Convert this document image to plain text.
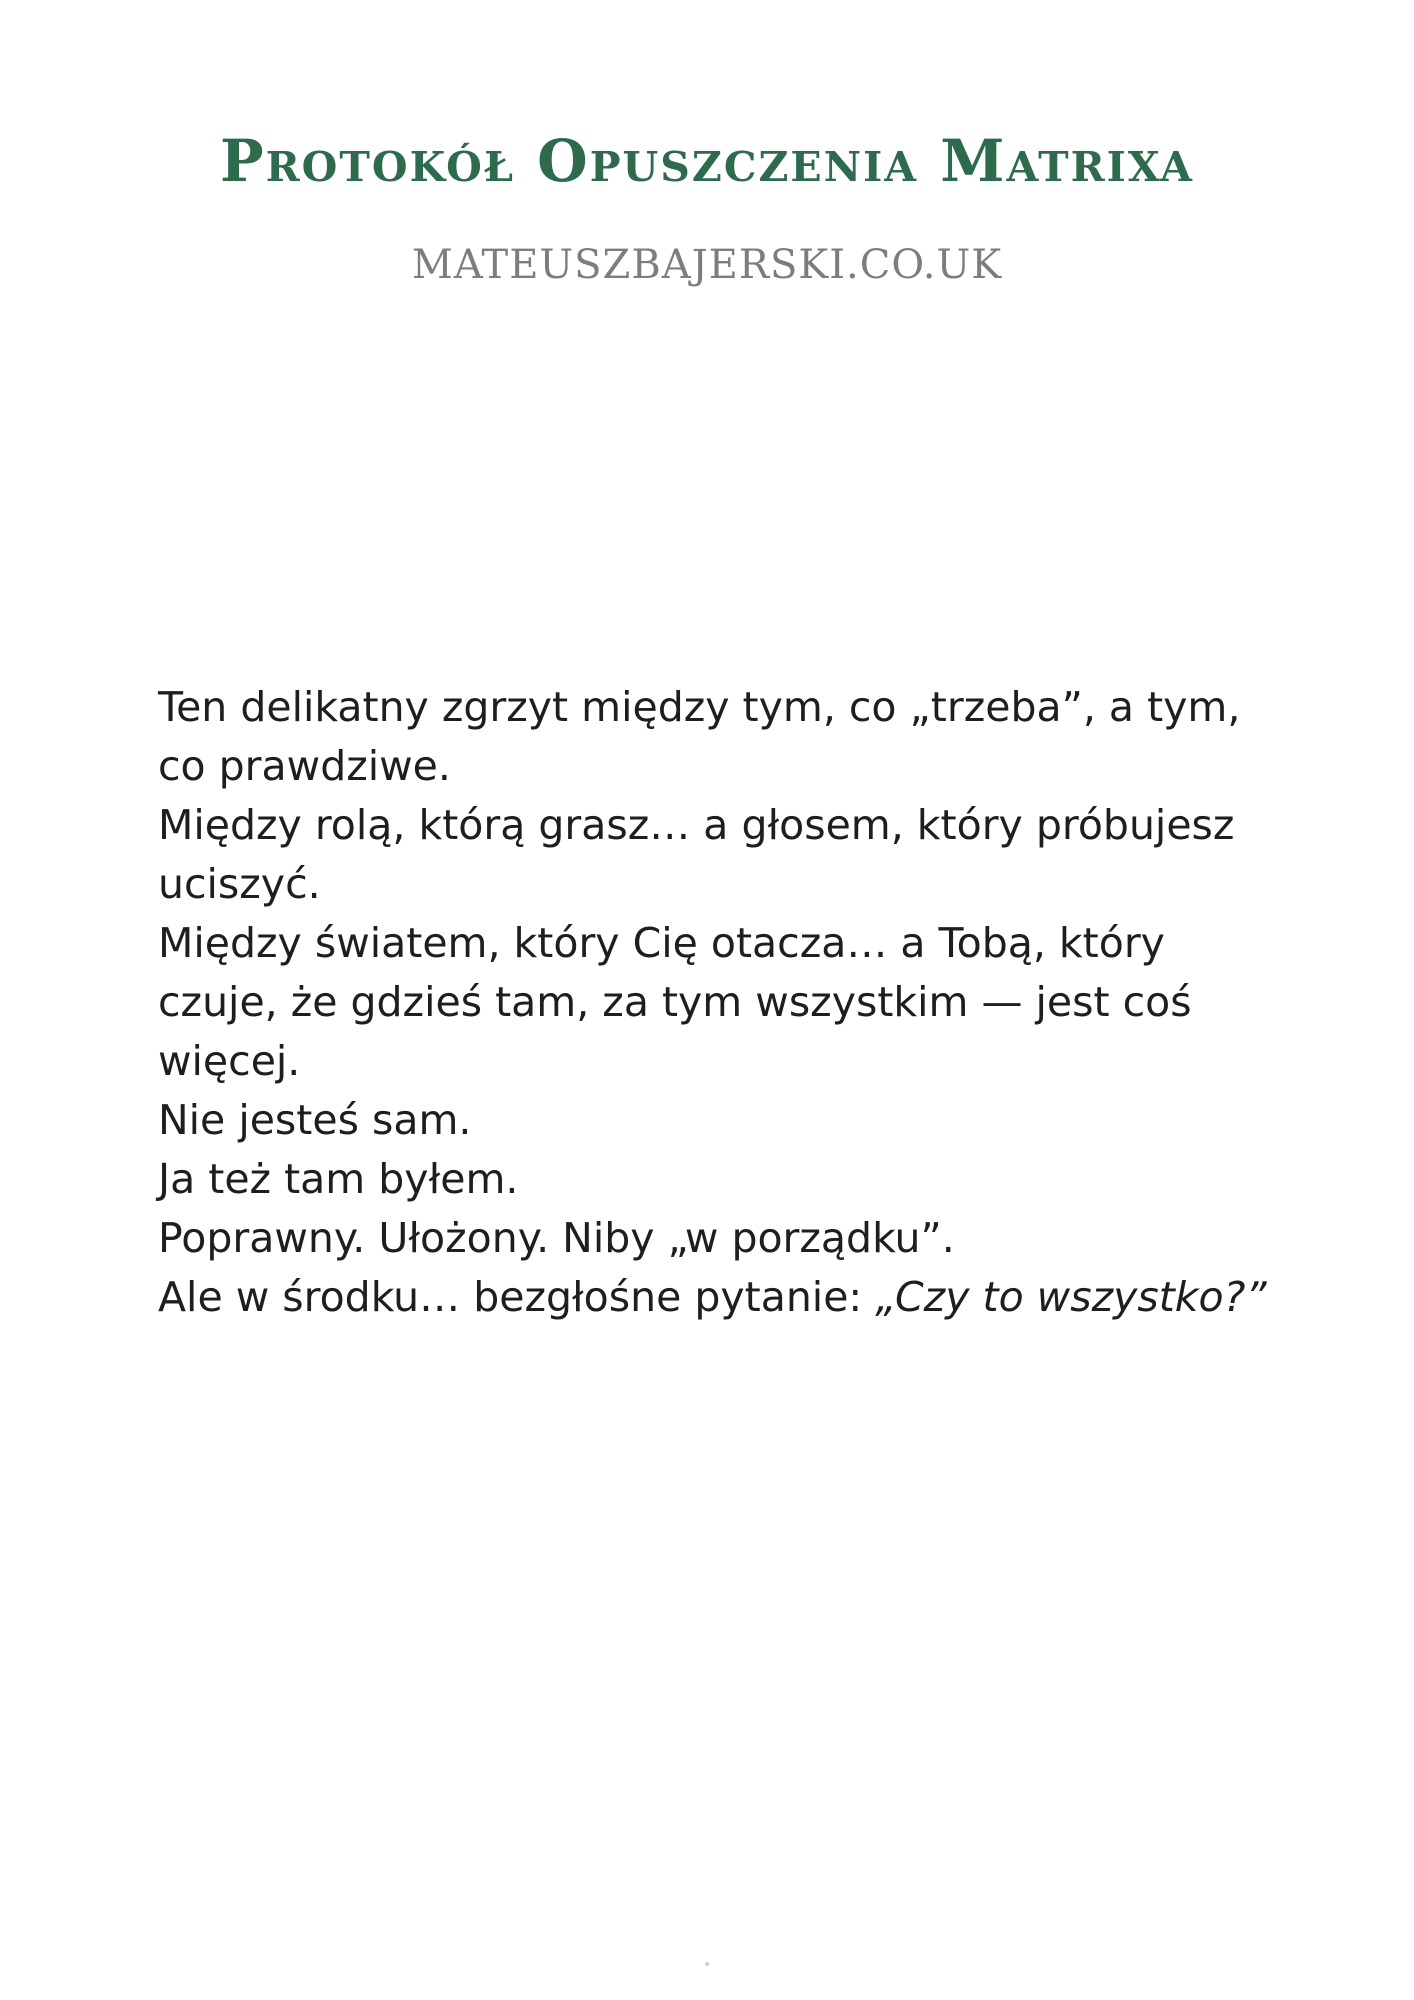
Protokół Opuszczenia Matrixa
MATEUSZBAJERSKI.CO.UK

Ten delikatny zgrzyt między tym, co „trzeba”, a tym, co prawdziwe.

Między rolą, którą grasz… a głosem, który próbujesz uciszyć.

Między światem, który Cię otacza… a Tobą, który czuje, że gdzieś tam, za tym wszystkim — jest coś więcej.

Nie jesteś sam.

Ja też tam byłem.

Poprawny. Ułożony. Niby „w porządku”.

Ale w środku… bezgłośne pytanie: „Czy to wszystko?”

•
